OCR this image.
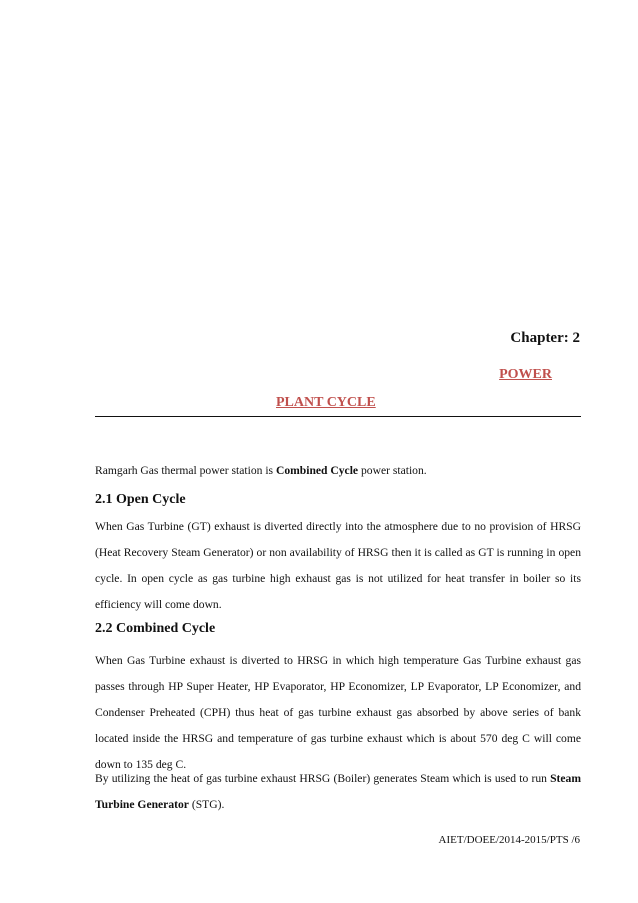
Chapter: 2
POWER
PLANT CYCLE
Ramgarh Gas thermal power station is Combined Cycle power station.
2.1 Open Cycle
When Gas Turbine (GT) exhaust is diverted directly into the atmosphere due to no provision of HRSG (Heat Recovery Steam Generator) or non availability of HRSG then it is called as GT is running in open cycle. In open cycle as gas turbine high exhaust gas is not utilized for heat transfer in boiler so its efficiency will come down.
2.2 Combined Cycle
When Gas Turbine exhaust is diverted to HRSG in which high temperature Gas Turbine exhaust gas passes through HP Super Heater, HP Evaporator, HP Economizer, LP Evaporator, LP Economizer, and Condenser Preheated (CPH) thus heat of gas turbine exhaust gas absorbed by above series of bank located inside the HRSG and temperature of gas turbine exhaust which is about 570 deg C will come down to 135 deg C.
By utilizing the heat of gas turbine exhaust HRSG (Boiler) generates Steam which is used to run Steam Turbine Generator (STG).
AIET/DOEE/2014-2015/PTS /6
